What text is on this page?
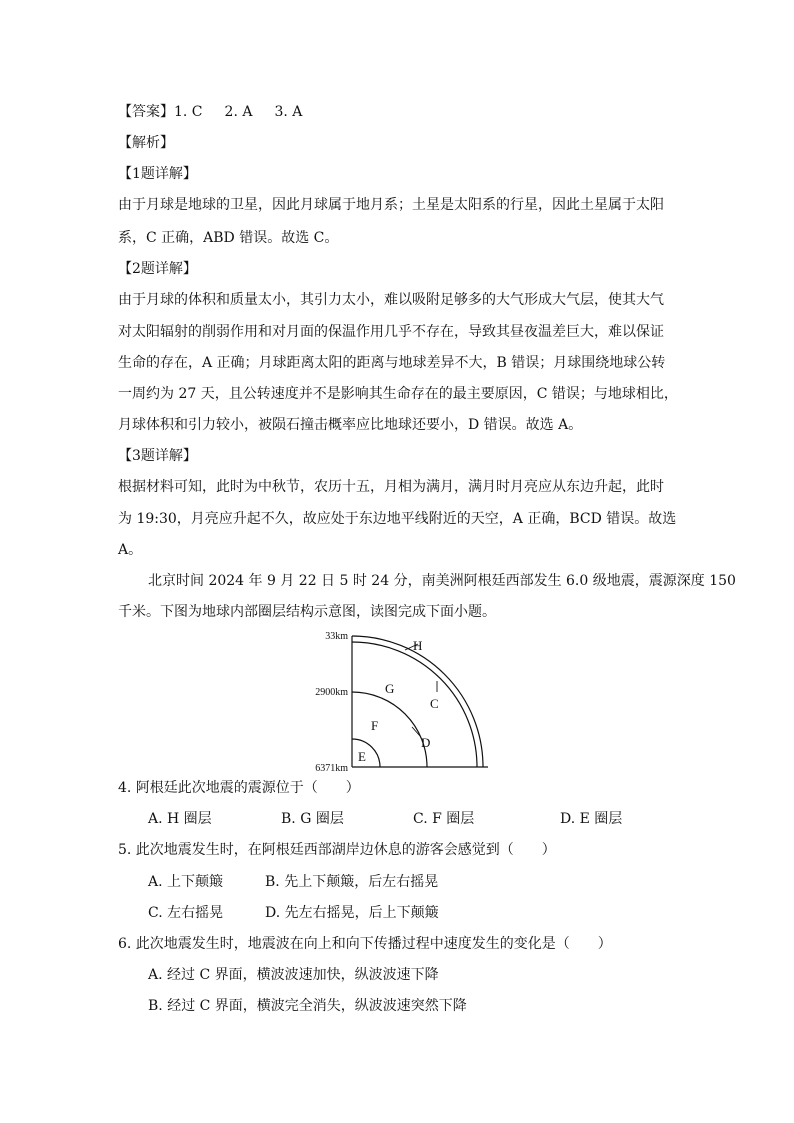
【答案】1. C 2. A 3. A
【解析】
【1题详解】
由于月球是地球的卫星，因此月球属于地月系；土星是太阳系的行星，因此土星属于太阳
系，C 正确，ABD 错误。故选 C。
【2题详解】
由于月球的体积和质量太小，其引力太小，难以吸附足够多的大气形成大气层，使其大气
对太阳辐射的削弱作用和对月面的保温作用几乎不存在，导致其昼夜温差巨大，难以保证
生命的存在，A 正确；月球距离太阳的距离与地球差异不大，B 错误；月球围绕地球公转
一周约为 27 天，且公转速度并不是影响其生命存在的最主要原因，C 错误；与地球相比，
月球体积和引力较小，被陨石撞击概率应比地球还要小，D 错误。故选 A。
【3题详解】
根据材料可知，此时为中秋节，农历十五，月相为满月，满月时月亮应从东边升起，此时
为 19:30，月亮应升起不久，故应处于东边地平线附近的天空，A 正确，BCD 错误。故选
A。
北京时间 2024 年 9 月 22 日 5 时 24 分，南美洲阿根廷西部发生 6.0 级地震，震源深度 150
千米。下图为地球内部圈层结构示意图，读图完成下面小题。
33km
2900km
6371km
H
G
C
F
D
E
4. 阿根廷此次地震的震源位于（　　）
A. H 圈层	B. G 圈层	C. F 圈层	D. E 圈层
5. 此次地震发生时，在阿根廷西部湖岸边休息的游客会感觉到（　　）
A. 上下颠簸	B. 先上下颠簸，后左右摇晃
C. 左右摇晃	D. 先左右摇晃，后上下颠簸
6. 此次地震发生时，地震波在向上和向下传播过程中速度发生的变化是（　　）
A. 经过 C 界面，横波波速加快，纵波波速下降
B. 经过 C 界面，横波完全消失，纵波波速突然下降
